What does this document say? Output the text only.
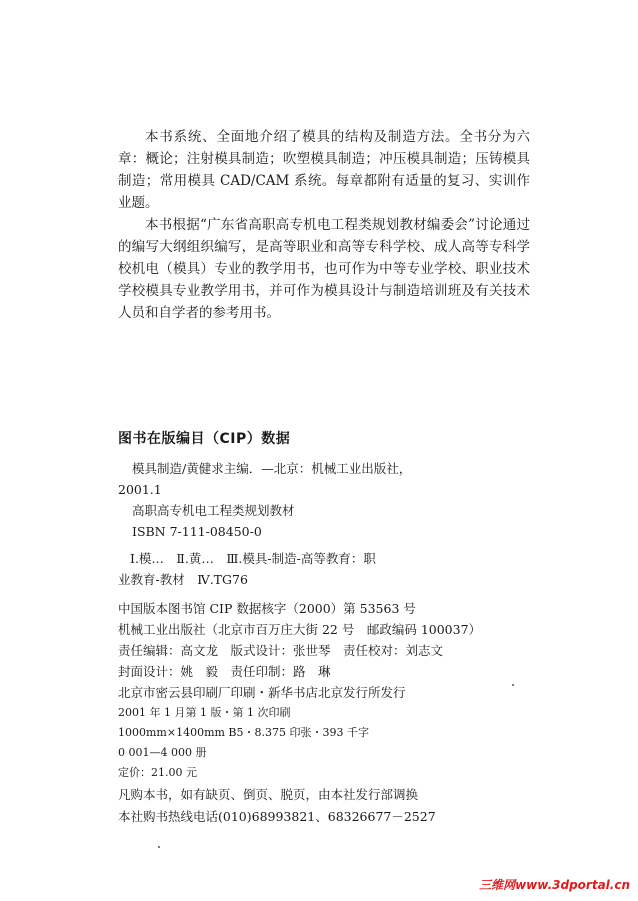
本书系统、全面地介绍了模具的结构及制造方法。全书分为六章：概论；注射模具制造；吹塑模具制造；冲压模具制造；压铸模具制造；常用模具 CAD/CAM 系统。每章都附有适量的复习、实训作业题。

本书根据“广东省高职高专机电工程类规划教材编委会”讨论通过的编写大纲组织编写，是高等职业和高等专科学校、成人高等专科学校机电（模具）专业的教学用书，也可作为中等专业学校、职业技术学校模具专业教学用书，并可作为模具设计与制造培训班及有关技术人员和自学者的参考用书。

图书在版编目（CIP）数据
模具制造/黄健求主编．—北京：机械工业出版社，
2001.1
高职高专机电工程类规划教材
ISBN 7-111-08450-0
Ⅰ.模…　Ⅱ.黄…　Ⅲ.模具-制造-高等教育：职
业教育-教材　Ⅳ.TG76
中国版本图书馆 CIP 数据核字（2000）第 53563 号
机械工业出版社（北京市百万庄大街 22 号　邮政编码 100037）
责任编辑：高文龙　版式设计：张世琴　责任校对：刘志文
封面设计：姚　毅　责任印制：路　琳
北京市密云县印刷厂印刷・新华书店北京发行所发行
2001 年 1 月第 1 版・第 1 次印刷
1000mm×1400mm B5・8.375 印张・393 千字
0 001—4 000 册
定价：21.00 元
凡购本书，如有缺页、倒页、脱页，由本社发行部调换
本社购书热线电话(010)68993821、68326677－2527
三维网www.3dportal.cn
